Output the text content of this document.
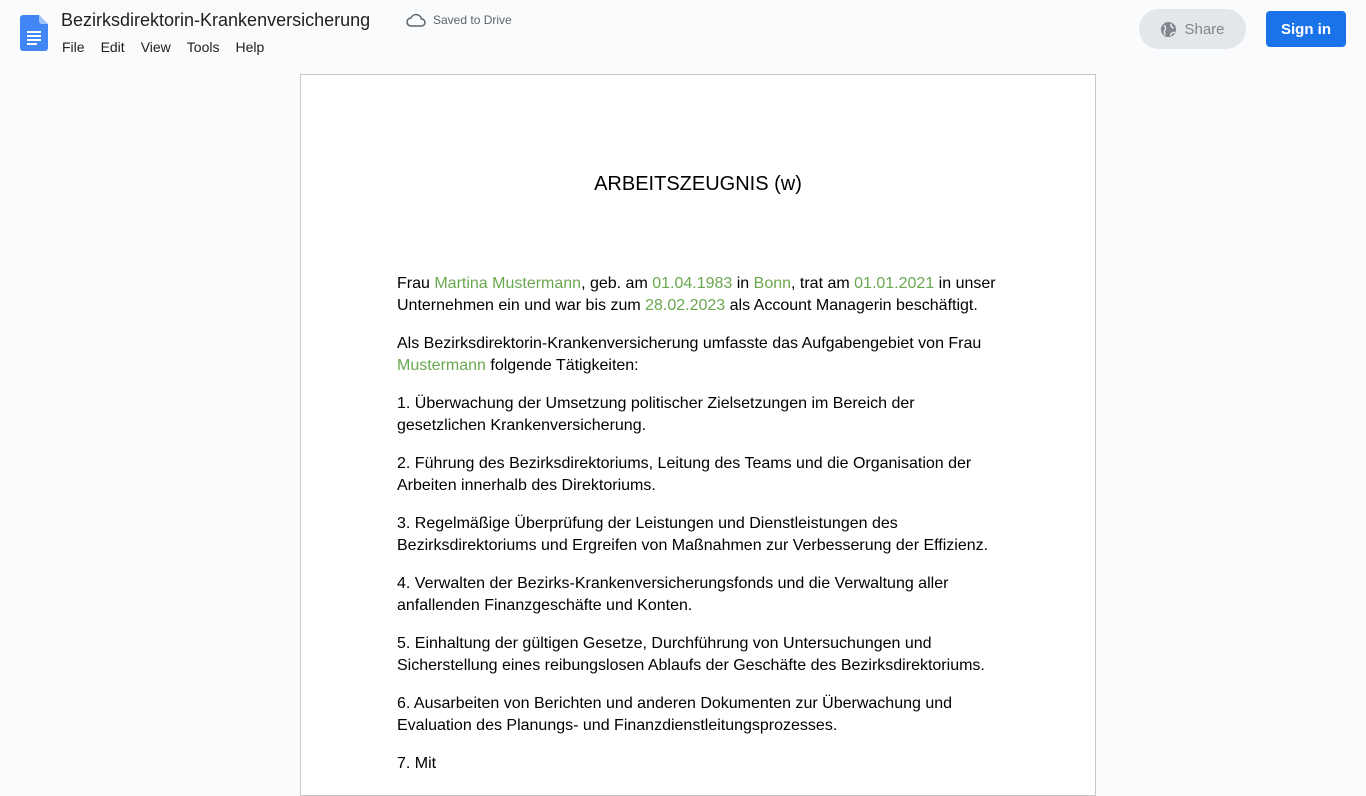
Bezirksdirektorin-Krankenversicherung	Saved to Drive
File	Edit	View	Tools	Help
Share	Sign in
ARBEITSZEUGNIS (w)

Frau Martina Mustermann, geb. am 01.04.1983 in Bonn, trat am 01.01.2021 in unser Unternehmen ein und war bis zum 28.02.2023 als Account Managerin beschäftigt.

Als Bezirksdirektorin-Krankenversicherung umfasste das Aufgabengebiet von Frau Mustermann folgende Tätigkeiten:

1. Überwachung der Umsetzung politischer Zielsetzungen im Bereich der gesetzlichen Krankenversicherung.

2. Führung des Bezirksdirektoriums, Leitung des Teams und die Organisation der Arbeiten innerhalb des Direktoriums.

3. Regelmäßige Überprüfung der Leistungen und Dienstleistungen des Bezirksdirektoriums und Ergreifen von Maßnahmen zur Verbesserung der Effizienz.

4. Verwalten der Bezirks-Krankenversicherungsfonds und die Verwaltung aller anfallenden Finanzgeschäfte und Konten.

5. Einhaltung der gültigen Gesetze, Durchführung von Untersuchungen und Sicherstellung eines reibungslosen Ablaufs der Geschäfte des Bezirksdirektoriums.

6. Ausarbeiten von Berichten und anderen Dokumenten zur Überwachung und Evaluation des Planungs- und Finanzdienstleitungsprozesses.

7. Mit
